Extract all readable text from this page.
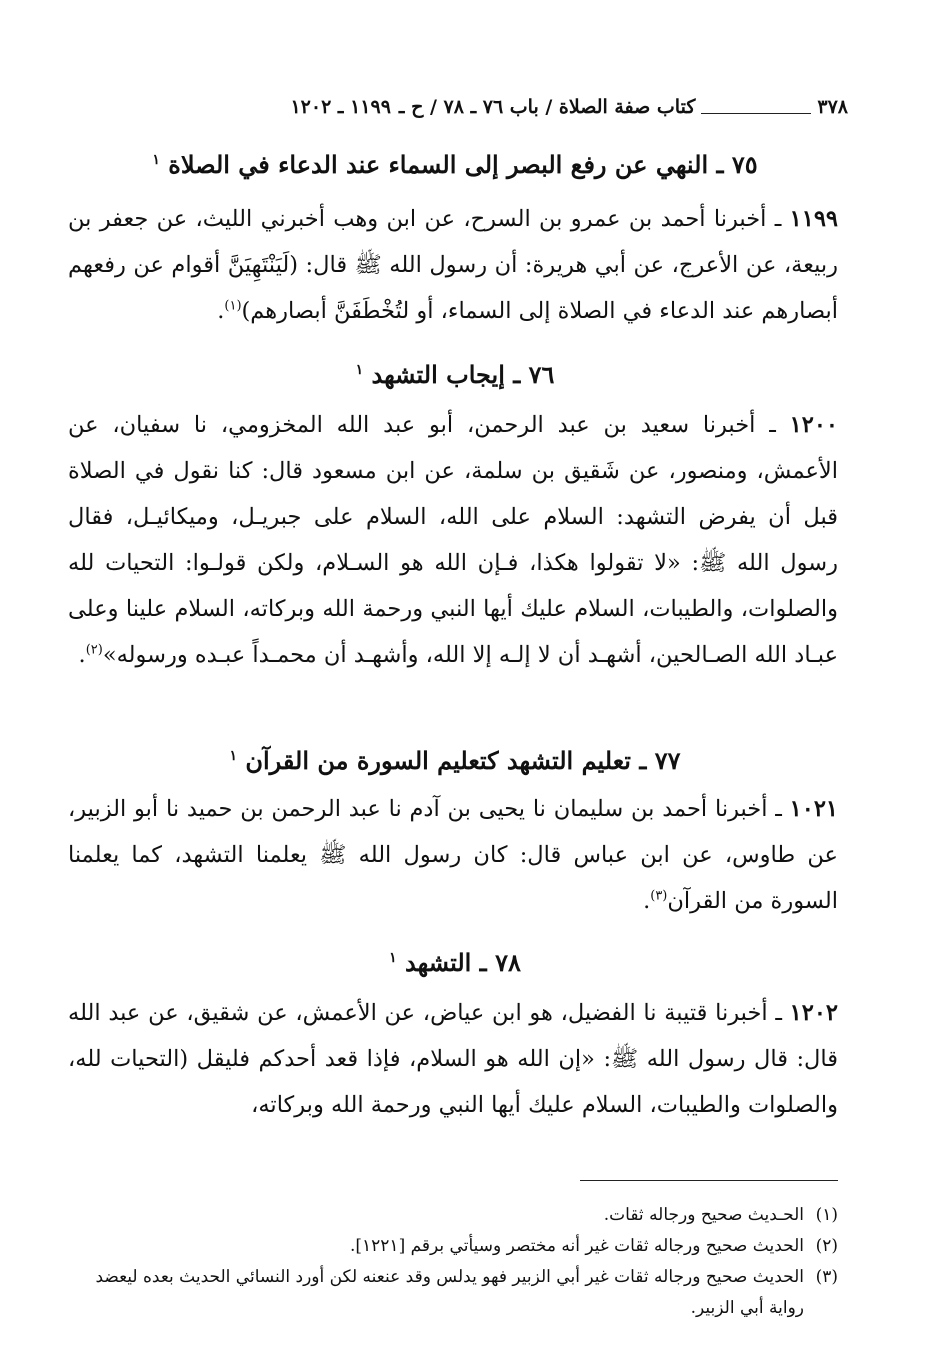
٣٧٨
كتاب صفة الصلاة / باب ٧٦ ـ ٧٨ / ح ـ
١١٩٩ ـ ١٢٠٢
٧٥ ـ النهي عن رفع البصر إلى السماء عند الدعاء في الصلاة $^١$
١١٩٩ ـ أخبرنا أحمد بن عمرو بن السرح، عن ابن وهب أخبرني الليث، عن جعفر بن ربيعة، عن الأعرج، عن أبي هريرة: أن رسول الله ﷺ قال: (لَيَنْتَهِيَنَّ أقوام عن رفعهم أبصارهم عند الدعاء في الصلاة إلى السماء، أو لتُخْطَفَنَّ أبصارهم)$^{(١)}$.
٧٦ ـ إيجاب التشهد $^١$
١٢٠٠ ـ أخبرنا سعيد بن عبد الرحمن، أبو عبد الله المخزومي، نا سفيان، عن الأعمش، ومنصور، عن شَقيق بن سلمة، عن ابن مسعود قال: كنا نقول في الصلاة قبل أن يفرض التشهد: السلام على الله، السلام على جبريـل، وميكائيـل، فقال رسول الله ﷺ: «لا تقولوا هكذا، فـإن الله هو السـلام، ولكن قولـوا: التحيات لله والصلوات، والطيبات، السلام عليك أيها النبي ورحمة الله وبركاته، السلام علينا وعلى عبـاد الله الصـالحين، أشهـد أن لا إلـه إلا الله، وأشهـد أن محمـداً عبـده ورسوله»$^{(٢)}$.
٧٧ ـ تعليم التشهد كتعليم السورة من القرآن $^١$
١٠٢١ ـ أخبرنا أحمد بن سليمان نا يحيى بن آدم نا عبد الرحمن بن حميد نا أبو الزبير، عن طاوس، عن ابن عباس قال: كان رسول الله ﷺ يعلمنا التشهد، كما يعلمنا السورة من القرآن$^{(٣)}$.
٧٨ ـ التشهد $^١$
١٢٠٢ ـ أخبرنا قتيبة نا الفضيل، هو ابن عياض، عن الأعمش، عن شقيق، عن عبد الله قال: قال رسول الله ﷺ: «إن الله هو السلام، فإذا قعد أحدكم فليقل (التحيات لله، والصلوات والطيبات، السلام عليك أيها النبي ورحمة الله وبركاته،
(١)
الحـديث صحيح ورجاله ثقات.
(٢)
الحديث صحيح ورجاله ثقات غير أنه مختصر وسيأتي برقم [١٢٢١].
(٣)
الحديث صحيح ورجاله ثقات غير أبي الزبير فهو يدلس وقد عنعنه لكن أورد النسائي الحديث بعده ليعضد رواية أبي الزبير.
